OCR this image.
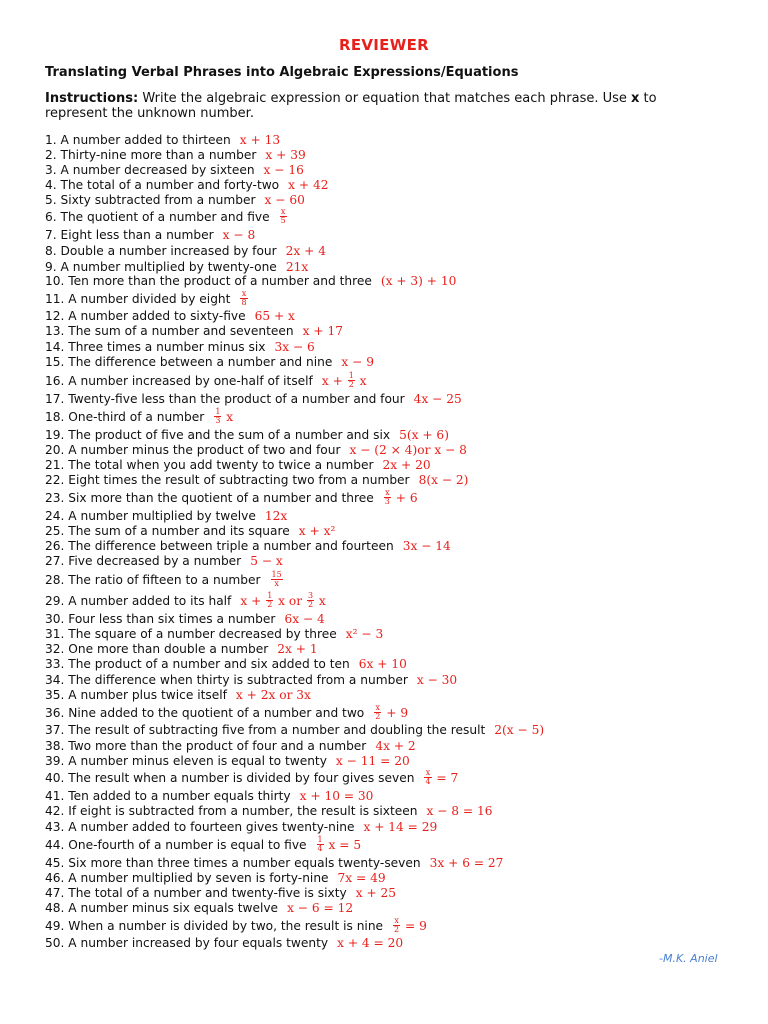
REVIEWER
Translating Verbal Phrases into Algebraic Expressions/Equations
Instructions: Write the algebraic expression or equation that matches each phrase. Use x to represent the unknown number.
1. A number added to thirteen x + 13
2. Thirty-nine more than a number x + 39
3. A number decreased by sixteen x − 16
4. The total of a number and forty-two x + 42
5. Sixty subtracted from a number x − 60
6. The quotient of a number and five $\frac{x}{5}$
7. Eight less than a number x − 8
8. Double a number increased by four 2x + 4
9. A number multiplied by twenty-one 21x
10. Ten more than the product of a number and three (x + 3) + 10
11. A number divided by eight $\frac{x}{8}$
12. A number added to sixty-five 65 + x
13. The sum of a number and seventeen x + 17
14. Three times a number minus six 3x − 6
15. The difference between a number and nine x − 9
16. A number increased by one-half of itself $x + \frac{1}{2}$ x
17. Twenty-five less than the product of a number and four 4x − 25
18. One-third of a number $\frac{1}{3}$ x
19. The product of five and the sum of a number and six 5(x + 6)
20. A number minus the product of two and four x − (2 × 4)or x − 8
21. The total when you add twenty to twice a number 2x + 20
22. Eight times the result of subtracting two from a number 8(x − 2)
23. Six more than the quotient of a number and three $\frac{x}{3} + 6$
24. A number multiplied by twelve 12x
25. The sum of a number and its square x + x²
26. The difference between triple a number and fourteen 3x − 14
27. Five decreased by a number 5 − x
28. The ratio of fifteen to a number $\frac{15}{x}$
29. A number added to its half $x + \frac{1}{2}$ x or $\frac{3}{2}$ x
30. Four less than six times a number 6x − 4
31. The square of a number decreased by three x² − 3
32. One more than double a number 2x + 1
33. The product of a number and six added to ten 6x + 10
34. The difference when thirty is subtracted from a number x − 30
35. A number plus twice itself x + 2x or 3x
36. Nine added to the quotient of a number and two $\frac{x}{2} + 9$
37. The result of subtracting five from a number and doubling the result 2(x − 5)
38. Two more than the product of four and a number 4x + 2
39. A number minus eleven is equal to twenty x − 11 = 20
40. The result when a number is divided by four gives seven $\frac{x}{4} = 7$
41. Ten added to a number equals thirty x + 10 = 30
42. If eight is subtracted from a number, the result is sixteen x − 8 = 16
43. A number added to fourteen gives twenty-nine x + 14 = 29
44. One-fourth of a number is equal to five $\frac{1}{4}$ x = 5
45. Six more than three times a number equals twenty-seven 3x + 6 = 27
46. A number multiplied by seven is forty-nine 7x = 49
47. The total of a number and twenty-five is sixty x + 25
48. A number minus six equals twelve x − 6 = 12
49. When a number is divided by two, the result is nine $\frac{x}{2} = 9$
50. A number increased by four equals twenty x + 4 = 20
-M.K. Aniel
